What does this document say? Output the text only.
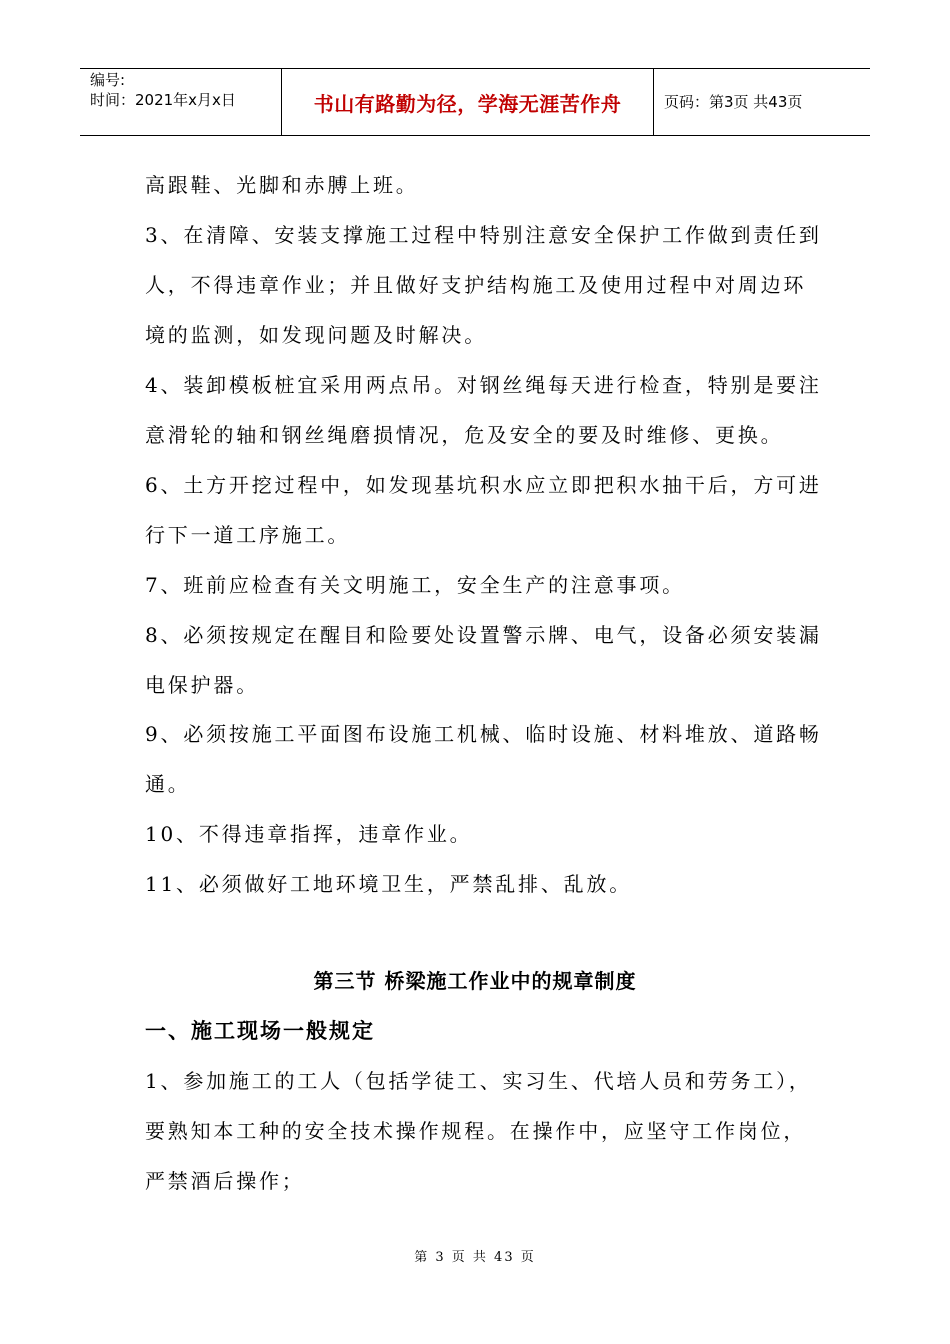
编号:
时间：2021年x月x日	书山有路勤为径，学海无涯苦作舟	页码：第3页 共43页
高跟鞋、光脚和赤膊上班。
3、在清障、安装支撑施工过程中特别注意安全保护工作做到责任到
人，不得违章作业；并且做好支护结构施工及使用过程中对周边环
境的监测，如发现问题及时解决。
4、装卸模板桩宜采用两点吊。对钢丝绳每天进行检查，特别是要注
意滑轮的轴和钢丝绳磨损情况，危及安全的要及时维修、更换。
6、土方开挖过程中，如发现基坑积水应立即把积水抽干后，方可进
行下一道工序施工。
7、班前应检查有关文明施工，安全生产的注意事项。
8、必须按规定在醒目和险要处设置警示牌、电气，设备必须安装漏
电保护器。
9、必须按施工平面图布设施工机械、临时设施、材料堆放、道路畅
通。
10、不得违章指挥，违章作业。
11、必须做好工地环境卫生，严禁乱排、乱放。
第三节 桥梁施工作业中的规章制度
一、施工现场一般规定
1、参加施工的工人（包括学徒工、实习生、代培人员和劳务工），
要熟知本工种的安全技术操作规程。在操作中，应坚守工作岗位，
严禁酒后操作；
第 3 页 共 43 页
